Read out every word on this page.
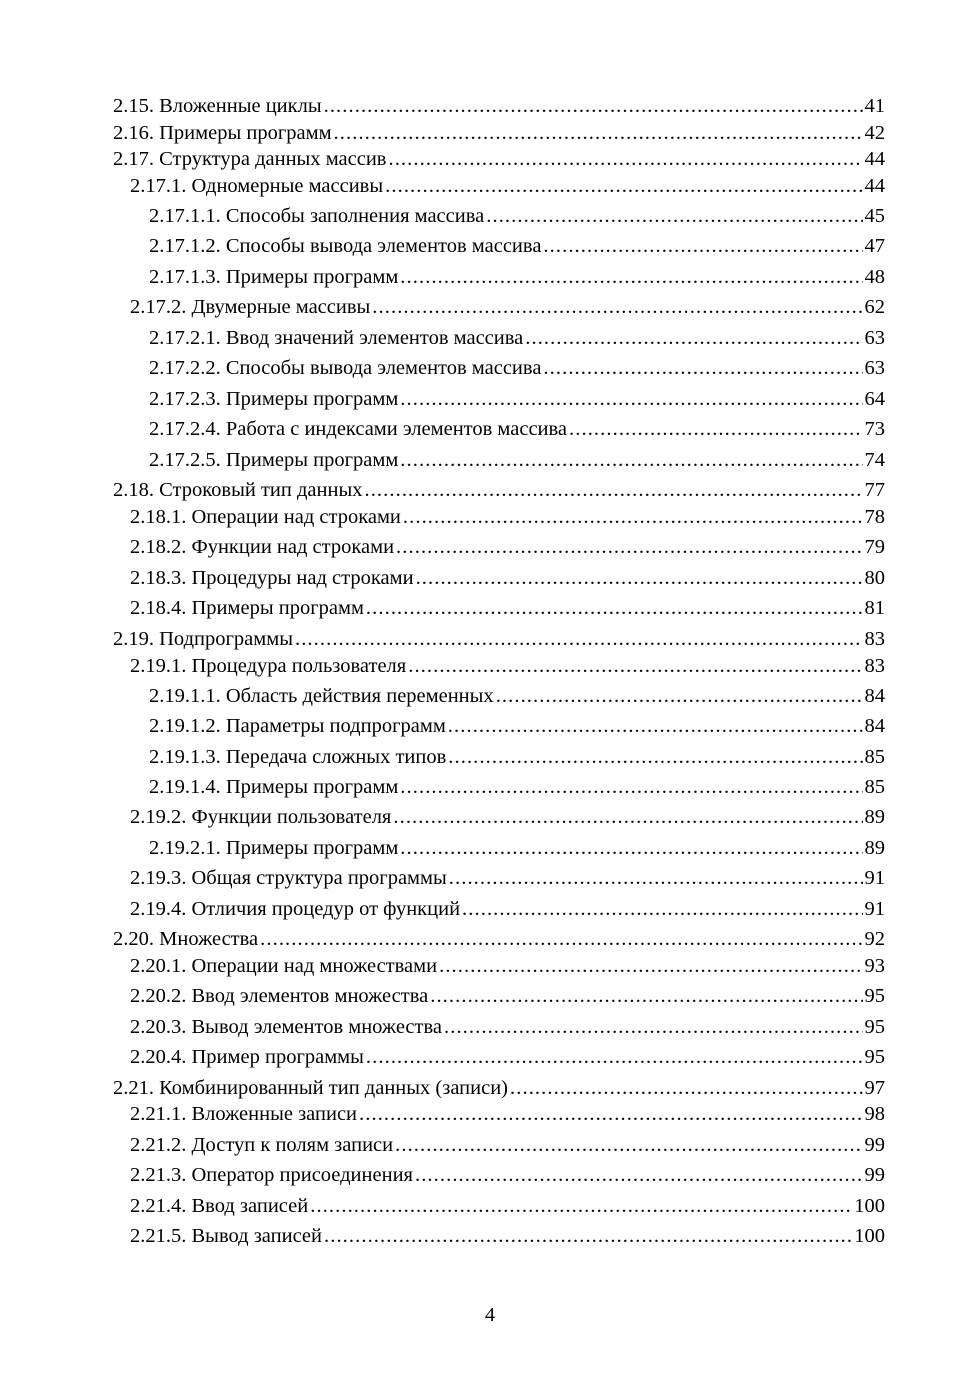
2.15. Вложенные циклы .....	41
2.16. Примеры программ .....	42
2.17. Структура данных массив .....	44
2.17.1. Одномерные массивы .....	44
2.17.1.1. Способы заполнения массива .....	45
2.17.1.2. Способы вывода элементов массива .....	47
2.17.1.3. Примеры программ .....	48
2.17.2. Двумерные массивы .....	62
2.17.2.1. Ввод значений элементов массива .....	63
2.17.2.2. Способы вывода элементов массива .....	63
2.17.2.3. Примеры программ .....	64
2.17.2.4. Работа с индексами элементов массива .....	73
2.17.2.5. Примеры программ .....	74
2.18. Строковый тип данных .....	77
2.18.1. Операции над строками .....	78
2.18.2. Функции над строками .....	79
2.18.3. Процедуры над строками .....	80
2.18.4. Примеры программ .....	81
2.19. Подпрограммы .....	83
2.19.1. Процедура пользователя .....	83
2.19.1.1. Область действия переменных .....	84
2.19.1.2. Параметры подпрограмм .....	84
2.19.1.3. Передача сложных типов .....	85
2.19.1.4. Примеры программ .....	85
2.19.2. Функции пользователя .....	89
2.19.2.1. Примеры программ .....	89
2.19.3. Общая структура программы .....	91
2.19.4. Отличия процедур от функций .....	91
2.20. Множества .....	92
2.20.1. Операции над множествами .....	93
2.20.2. Ввод элементов множества .....	95
2.20.3. Вывод элементов множества .....	95
2.20.4. Пример программы .....	95
2.21. Комбинированный тип данных (записи) .....	97
2.21.1. Вложенные записи .....	98
2.21.2. Доступ к полям записи .....	99
2.21.3. Оператор присоединения .....	99
2.21.4. Ввод записей .....	100
2.21.5. Вывод записей .....	100
4
